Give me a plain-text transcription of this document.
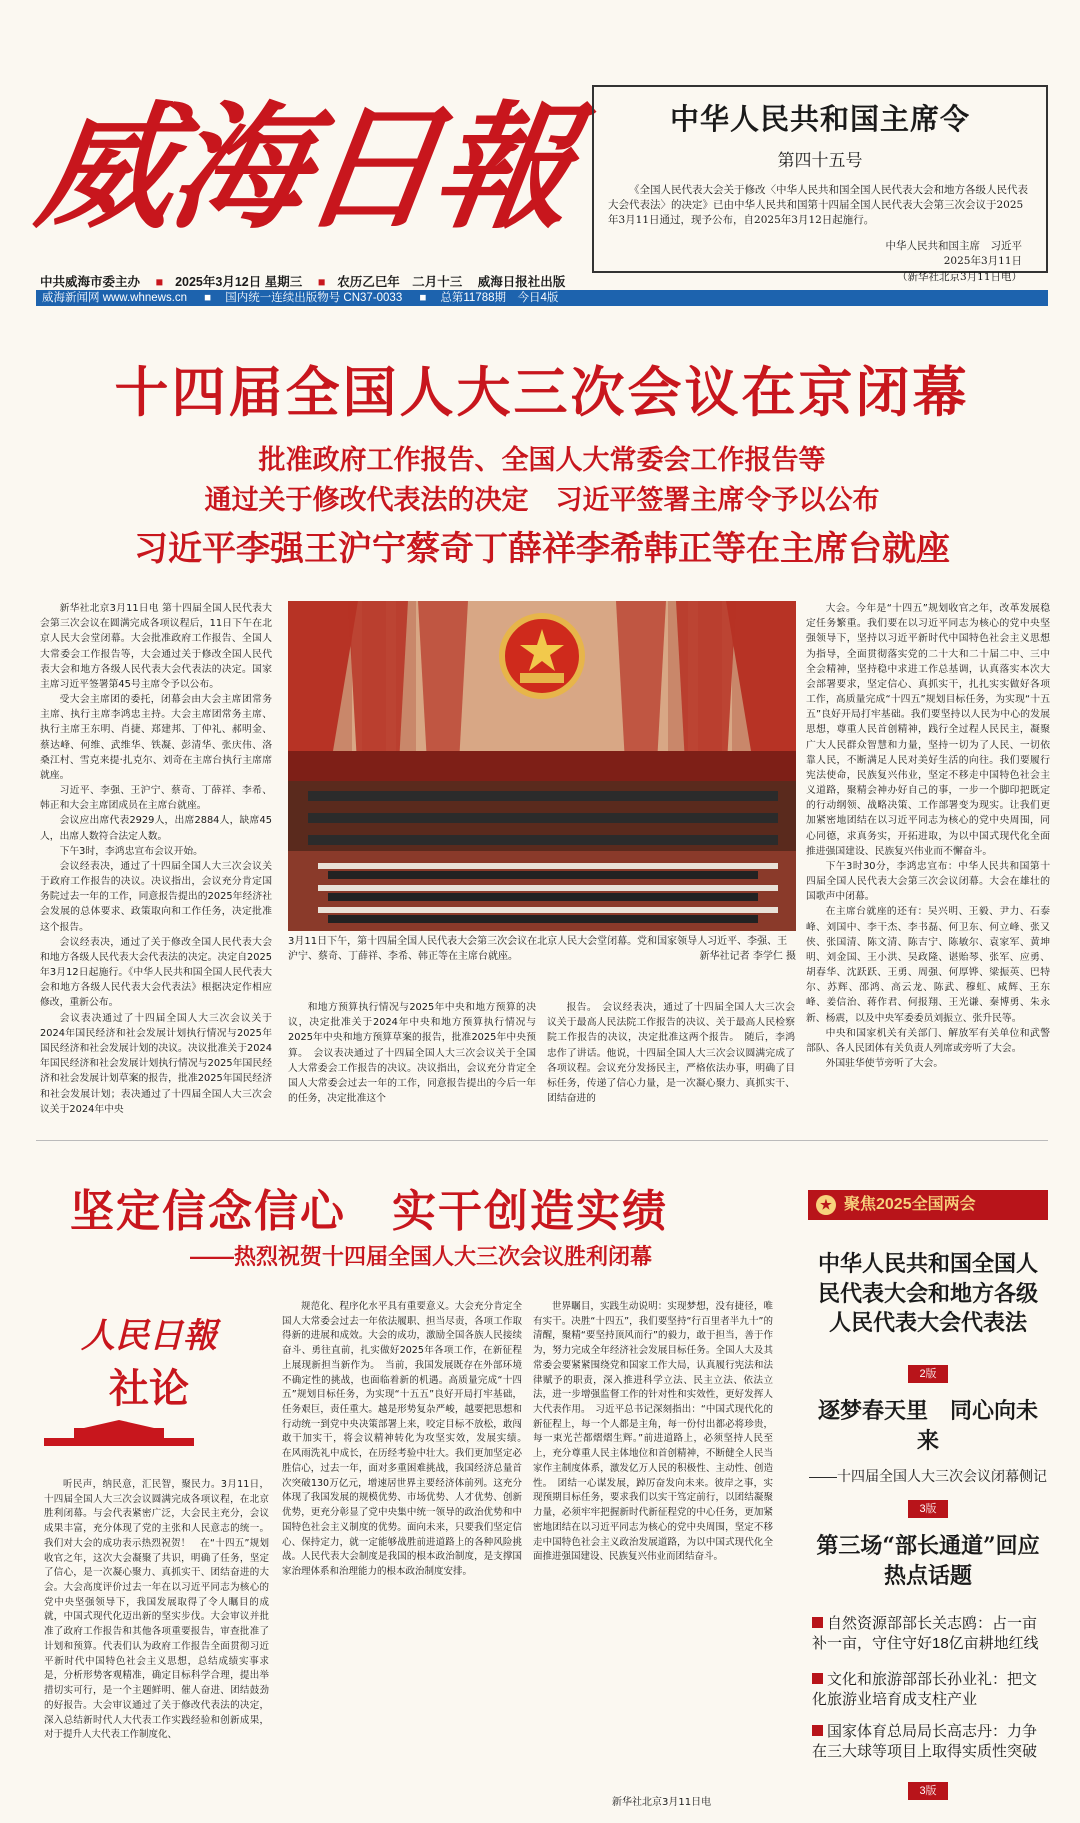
威海日報	中华人民共和国主席令
第四十五号
《全国人民代表大会关于修改〈中华人民共和国全国人民代表大会和地方各级人民代表大会代表法〉的决定》已由中华人民共和国第十四届全国人民代表大会第三次会议于2025年3月11日通过，现予公布，自2025年3月12日起施行。
中华人民共和国主席　习近平
2025年3月11日
（新华社北京3月11日电）
中共威海市委主办 ■ 2025年3月12日 星期三 ■ 农历乙巳年　二月十三 威海日报社出版
威海新闻网 www.whnews.cn ■ 国内统一连续出版物号 CN37-0033 ■ 总第11788期　今日4版
十四届全国人大三次会议在京闭幕
批准政府工作报告、全国人大常委会工作报告等
通过关于修改代表法的决定　习近平签署主席令予以公布
习近平李强王沪宁蔡奇丁薛祥李希韩正等在主席台就座

新华社北京3月11日电 第十四届全国人民代表大会第三次会议在圆满完成各项议程后，11日下午在北京人民大会堂闭幕。大会批准政府工作报告、全国人大常委会工作报告等，大会通过关于修改全国人民代表大会和地方各级人民代表大会代表法的决定。国家主席习近平签署第45号主席令予以公布。

受大会主席团的委托，闭幕会由大会主席团常务主席、执行主席李鸿忠主持。大会主席团常务主席、执行主席王东明、肖捷、郑建邦、丁仲礼、郝明金、蔡达峰、何维、武维华、铁凝、彭清华、张庆伟、洛桑江村、雪克来提·扎克尔、刘奇在主席台执行主席席就座。

习近平、李强、王沪宁、蔡奇、丁薛祥、李希、韩正和大会主席团成员在主席台就座。

会议应出席代表2929人，出席2884人，缺席45人，出席人数符合法定人数。

下午3时，李鸿忠宣布会议开始。

会议经表决，通过了十四届全国人大三次会议关于政府工作报告的决议。决议指出，会议充分肯定国务院过去一年的工作，同意报告提出的2025年经济社会发展的总体要求、政策取向和工作任务，决定批准这个报告。

会议经表决，通过了关于修改全国人民代表大会和地方各级人民代表大会代表法的决定。决定自2025年3月12日起施行。《中华人民共和国全国人民代表大会和地方各级人民代表大会代表法》根据决定作相应修改，重新公布。

会议表决通过了十四届全国人大三次会议关于2024年国民经济和社会发展计划执行情况与2025年国民经济和社会发展计划的决议。决议批准关于2024年国民经济和社会发展计划执行情况与2025年国民经济和社会发展计划草案的报告，批准2025年国民经济和社会发展计划；表决通过了十四届全国人大三次会议关于2024年中央

3月11日下午，第十四届全国人民代表大会第三次会议在北京人民大会堂闭幕。党和国家领导人习近平、李强、王沪宁、蔡奇、丁薛祥、李希、韩正等在主席台就座。	新华社记者 李学仁 摄

和地方预算执行情况与2025年中央和地方预算的决议，决定批准关于2024年中央和地方预算执行情况与2025年中央和地方预算草案的报告，批准2025年中央预算。　会议表决通过了十四届全国人大三次会议关于全国人大常委会工作报告的决议。决议指出，会议充分肯定全国人大常委会过去一年的工作，同意报告提出的今后一年的任务，决定批准这个

报告。　会议经表决，通过了十四届全国人大三次会议关于最高人民法院工作报告的决议、关于最高人民检察院工作报告的决议，决定批准这两个报告。　随后，李鸿忠作了讲话。他说，十四届全国人大三次会议圆满完成了各项议程。会议充分发扬民主，严格依法办事，明确了目标任务，传递了信心力量，是一次凝心聚力、真抓实干、团结奋进的

大会。今年是“十四五”规划收官之年，改革发展稳定任务繁重。我们要在以习近平同志为核心的党中央坚强领导下，坚持以习近平新时代中国特色社会主义思想为指导，全面贯彻落实党的二十大和二十届二中、三中全会精神，坚持稳中求进工作总基调，认真落实本次大会部署要求，坚定信心、真抓实干，扎扎实实做好各项工作，高质量完成“十四五”规划目标任务，为实现“十五五”良好开局打牢基础。我们要坚持以人民为中心的发展思想，尊重人民首创精神，践行全过程人民民主，凝聚广大人民群众智慧和力量，坚持一切为了人民、一切依靠人民，不断满足人民对美好生活的向往。我们要履行宪法使命，民族复兴伟业，坚定不移走中国特色社会主义道路，聚精会神办好自己的事，一步一个脚印把既定的行动纲领、战略决策、工作部署变为现实。让我们更加紧密地团结在以习近平同志为核心的党中央周围，同心同德，求真务实，开拓进取，为以中国式现代化全面推进强国建设、民族复兴伟业而不懈奋斗。

下午3时30分，李鸿忠宣布：中华人民共和国第十四届全国人民代表大会第三次会议闭幕。大会在雄壮的国歌声中闭幕。

在主席台就座的还有：吴兴明、王毅、尹力、石泰峰、刘国中、李干杰、李书磊、何卫东、何立峰、张又侠、张国清、陈文清、陈吉宁、陈敏尔、袁家军、黄坤明、刘金国、王小洪、吴政隆、谌贻琴、张军、应勇、胡春华、沈跃跃、王勇、周强、何厚铧、梁振英、巴特尔、苏辉、邵鸿、高云龙、陈武、穆虹、咸辉、王东峰、姜信治、蒋作君、何报翔、王光谦、秦博勇、朱永新、杨震，以及中央军委委员刘振立、张升民等。

中央和国家机关有关部门、解放军有关单位和武警部队、各人民团体有关负责人列席或旁听了大会。

外国驻华使节旁听了大会。

坚定信念信心　实干创造实绩
——热烈祝贺十四届全国人大三次会议胜利闭幕
人民日報
社论

听民声，纳民意，汇民智，聚民力。3月11日，十四届全国人大三次会议圆满完成各项议程，在北京胜利闭幕。与会代表紧密广泛，大会民主充分，会议成果丰富，充分体现了党的主张和人民意志的统一。我们对大会的成功表示热烈祝贺！　在“十四五”规划收官之年，这次大会凝聚了共识，明确了任务，坚定了信心，是一次凝心聚力、真抓实干、团结奋进的大会。大会高度评价过去一年在以习近平同志为核心的党中央坚强领导下，我国发展取得了令人瞩目的成就，中国式现代化迈出新的坚实步伐。大会审议并批准了政府工作报告和其他各项重要报告，审查批准了计划和预算。代表们认为政府工作报告全面贯彻习近平新时代中国特色社会主义思想，总结成绩实事求是，分析形势客观精准，确定目标科学合理，提出举措切实可行，是一个主题鲜明、催人奋进、团结鼓劲的好报告。大会审议通过了关于修改代表法的决定，深入总结新时代人大代表工作实践经验和创新成果，对于提升人大代表工作制度化、

规范化、程序化水平具有重要意义。大会充分肯定全国人大常委会过去一年依法履职、担当尽责，各项工作取得新的进展和成效。大会的成功，激励全国各族人民接续奋斗、勇往直前，扎实做好2025年各项工作，在新征程上展现新担当新作为。　当前，我国发展既存在外部环境不确定性的挑战，也面临着新的机遇。高质量完成“十四五”规划目标任务，为实现“十五五”良好开局打牢基础，任务艰巨，责任重大。越是形势复杂严峻，越要把思想和行动统一到党中央决策部署上来，咬定目标不放松，敢闯敢干加实干，将会议精神转化为攻坚实效，发展实绩。　在风雨洗礼中成长，在历经考验中壮大。我们更加坚定必胜信心，过去一年，面对多重困难挑战，我国经济总量首次突破130万亿元，增速居世界主要经济体前列。这充分体现了我国发展的规模优势、市场优势、人才优势、创新优势，更充分彰显了党中央集中统一领导的政治优势和中国特色社会主义制度的优势。面向未来，只要我们坚定信心、保持定力，就一定能够战胜前进道路上的各种风险挑战。人民代表大会制度是我国的根本政治制度，是支撑国家治理体系和治理能力的根本政治制度安排。

世界瞩目，实践生动说明：实现梦想，没有捷径，唯有实干。决胜“十四五”，我们要坚持“行百里者半九十”的清醒，聚精“要坚持顶风而行”的毅力，敢于担当，善于作为，努力完成全年经济社会发展目标任务。全国人大及其常委会要紧紧围绕党和国家工作大局，认真履行宪法和法律赋予的职责，深入推进科学立法、民主立法、依法立法，进一步增强监督工作的针对性和实效性，更好发挥人大代表作用。　习近平总书记深刻指出：“中国式现代化的新征程上，每一个人都是主角，每一份付出都必将珍贵，每一束光芒都熠熠生辉。”前进道路上，必须坚持人民至上，充分尊重人民主体地位和首创精神，不断健全人民当家作主制度体系，激发亿万人民的积极性、主动性、创造性。　团结一心谋发展，踔厉奋发向未来。彼岸之事，实现预期目标任务，要求我们以实干笃定前行，以团结凝聚力量，必须牢牢把握新时代新征程党的中心任务，更加紧密地团结在以习近平同志为核心的党中央周围，坚定不移走中国特色社会主义政治发展道路，为以中国式现代化全面推进强国建设、民族复兴伟业而团结奋斗。

新华社北京3月11日电
★ 聚焦2025全国两会
中华人民共和国全国人民代表大会和地方各级人民代表大会代表法
2版
逐梦春天里　同心向未来
——十四届全国人大三次会议闭幕侧记
3版
第三场“部长通道”回应热点话题
自然资源部部长关志鸥：占一亩补一亩，守住守好18亿亩耕地红线
文化和旅游部部长孙业礼：把文化旅游业培育成支柱产业
国家体育总局局长高志丹：力争在三大球等项目上取得实质性突破
3版
